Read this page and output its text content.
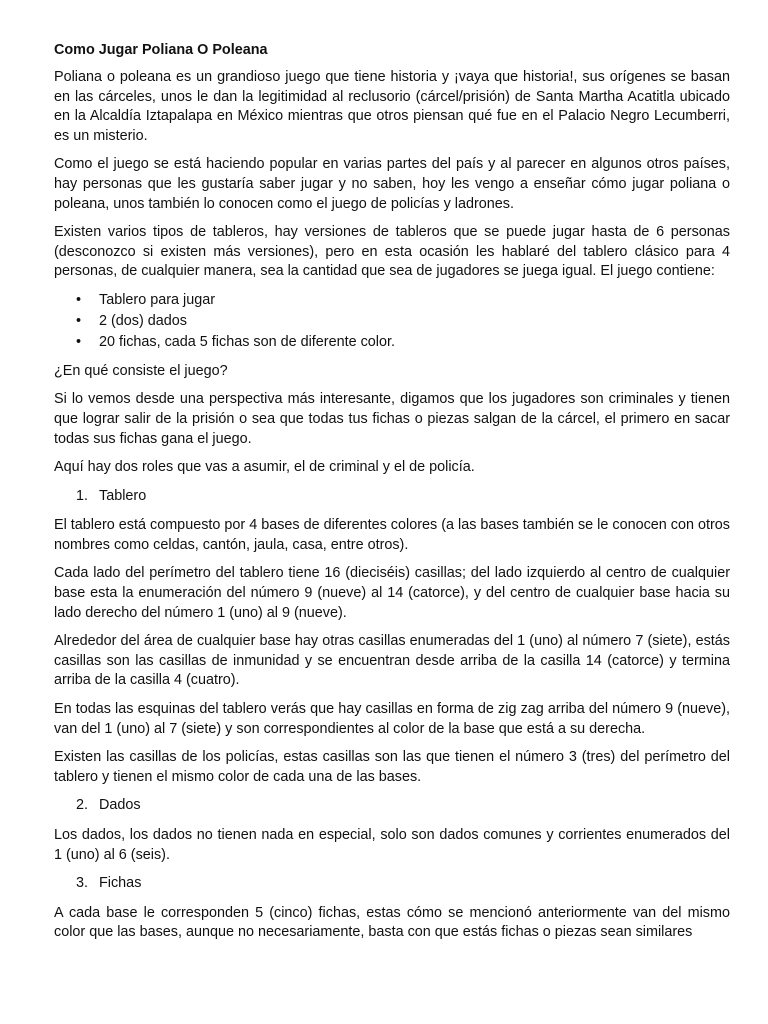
Como Jugar Poliana O Poleana

Poliana o poleana es un grandioso juego que tiene historia y ¡vaya que historia!, sus orígenes se basan en las cárceles, unos le dan la legitimidad al reclusorio (cárcel/prisión) de Santa Martha Acatitla ubicado en la Alcaldía Iztapalapa en México mientras que otros piensan qué fue en el Palacio Negro Lecumberri, es un misterio.

Como el juego se está haciendo popular en varias partes del país y al parecer en algunos otros países, hay personas que les gustaría saber jugar y no saben, hoy les vengo a enseñar cómo jugar poliana o poleana, unos también lo conocen como el juego de policías y ladrones.

Existen varios tipos de tableros, hay versiones de tableros que se puede jugar hasta de 6 personas (desconozco si existen más versiones), pero en esta ocasión les hablaré del tablero clásico para 4 personas, de cualquier manera, sea la cantidad que sea de jugadores se juega igual. El juego contiene:

• Tablero para jugar
• 2 (dos) dados
• 20 fichas, cada 5 fichas son de diferente color.

¿En qué consiste el juego?

Si lo vemos desde una perspectiva más interesante, digamos que los jugadores son criminales y tienen que lograr salir de la prisión o sea que todas tus fichas o piezas salgan de la cárcel, el primero en sacar todas sus fichas gana el juego.

Aquí hay dos roles que vas a asumir, el de criminal y el de policía.

1. Tablero

El tablero está compuesto por 4 bases de diferentes colores (a las bases también se le conocen con otros nombres como celdas, cantón, jaula, casa, entre otros).

Cada lado del perímetro del tablero tiene 16 (dieciséis) casillas; del lado izquierdo al centro de cualquier base esta la enumeración del número 9 (nueve) al 14 (catorce), y del centro de cualquier base hacia su lado derecho del número 1 (uno) al 9 (nueve).

Alrededor del área de cualquier base hay otras casillas enumeradas del 1 (uno) al número 7 (siete), estás casillas son las casillas de inmunidad y se encuentran desde arriba de la casilla 14 (catorce) y termina arriba de la casilla 4 (cuatro).

En todas las esquinas del tablero verás que hay casillas en forma de zig zag arriba del número 9 (nueve), van del 1 (uno) al 7 (siete) y son correspondientes al color de la base que está a su derecha.

Existen las casillas de los policías, estas casillas son las que tienen el número 3 (tres) del perímetro del tablero y tienen el mismo color de cada una de las bases.

2. Dados

Los dados, los dados no tienen nada en especial, solo son dados comunes y corrientes enumerados del 1 (uno) al 6 (seis).

3. Fichas

A cada base le corresponden 5 (cinco) fichas, estas cómo se mencionó anteriormente van del mismo color que las bases, aunque no necesariamente, basta con que estás fichas o piezas sean similares
